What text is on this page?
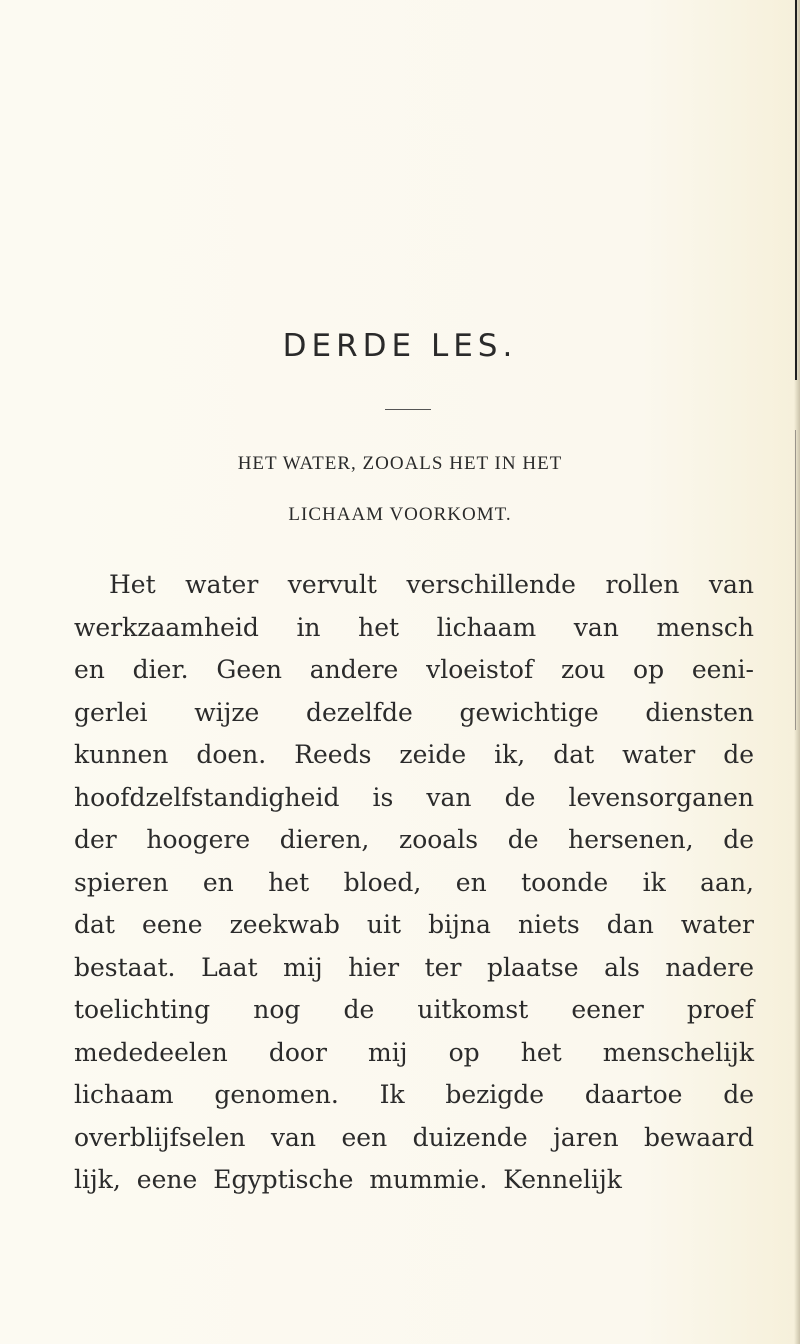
DERDE LES.
HET WATER, ZOOALS HET IN HET
LICHAAM VOORKOMT.
Het water vervult verschillende rollen van
werkzaamheid in het lichaam van mensch
en dier. Geen andere vloeistof zou op eeni-
gerlei wijze dezelfde gewichtige diensten
kunnen doen. Reeds zeide ik, dat water de
hoofdzelfstandigheid is van de levensorganen
der hoogere dieren, zooals de hersenen, de
spieren en het bloed, en toonde ik aan,
dat eene zeekwab uit bijna niets dan water
bestaat. Laat mij hier ter plaatse als nadere
toelichting nog de uitkomst eener proef
mededeelen door mij op het menschelijk
lichaam genomen. Ik bezigde daartoe de
overblijfselen van een duizende jaren bewaard
lijk, eene Egyptische mummie. Kennelijk
